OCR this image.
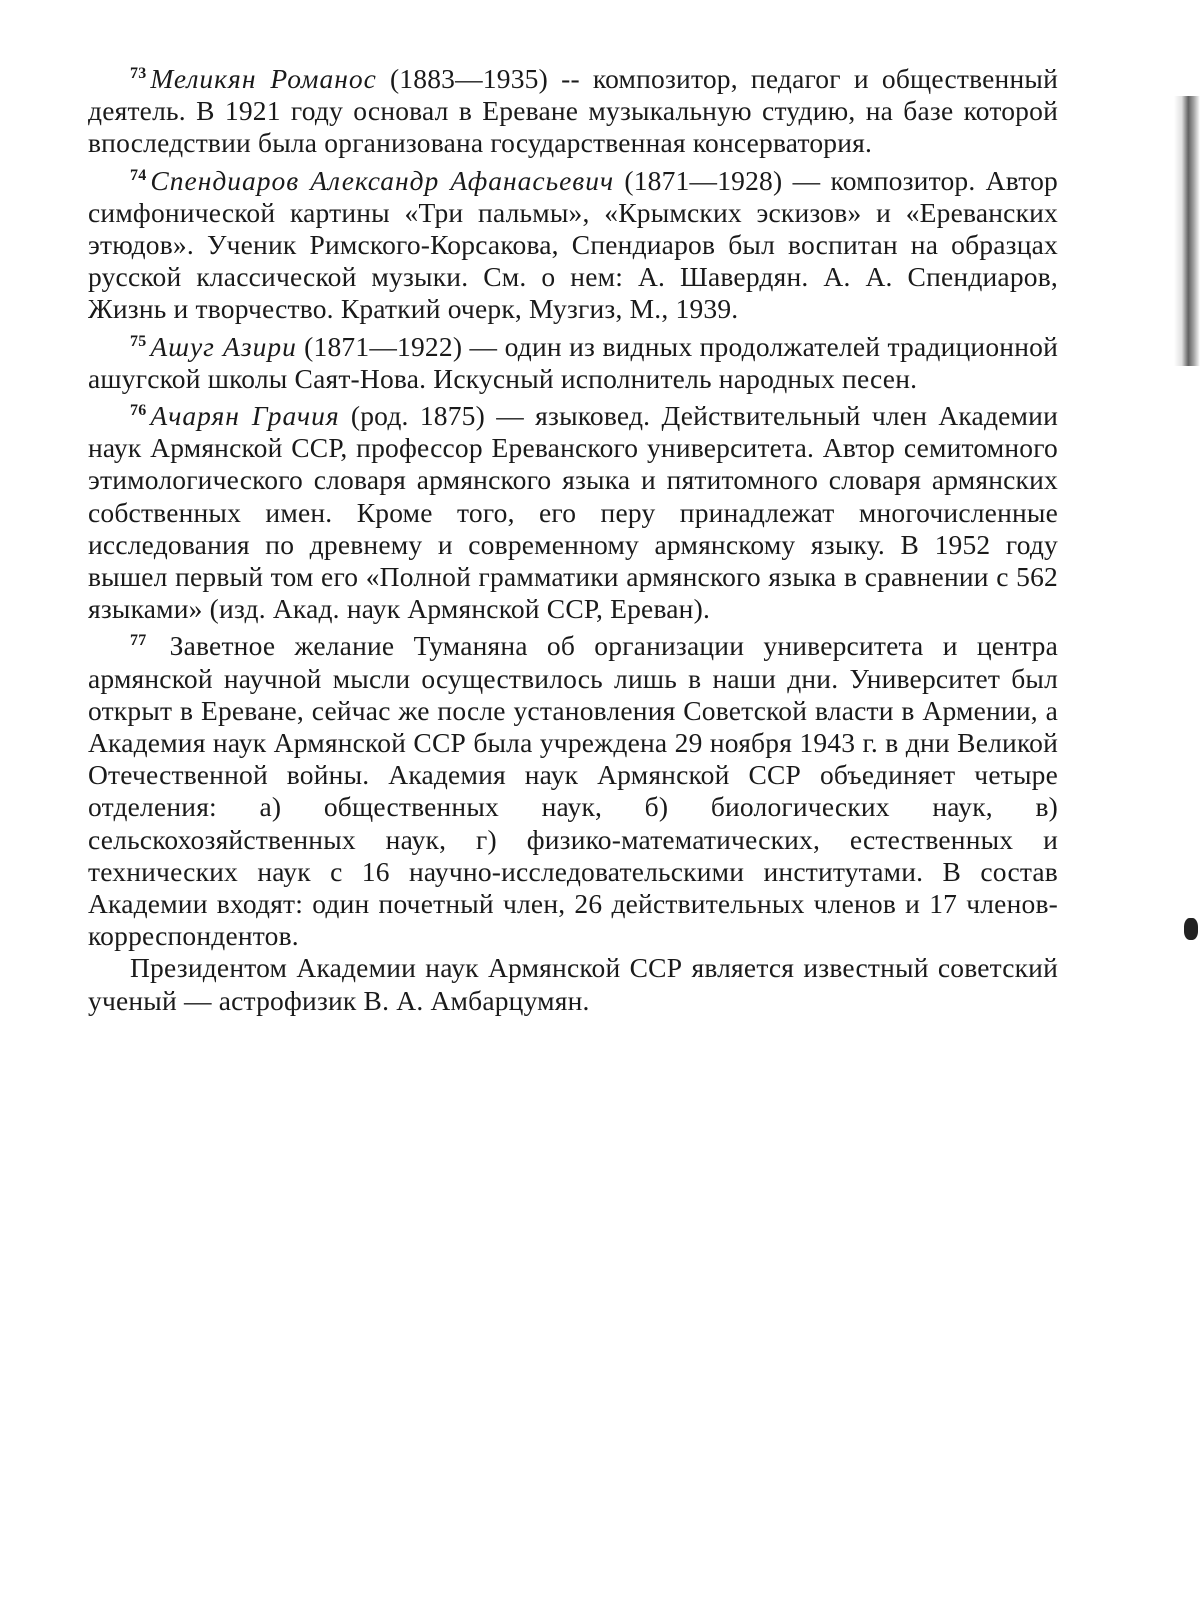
$^{73}$ Меликян Романос (1883—1935) -- композитор, педагог и общественный деятель. В 1921 году основал в Ереване музыкальную студию, на базе которой впоследствии была организована государственная консерватория.

$^{74}$ Спендиаров Александр Афанасьевич (1871—1928) — композитор. Автор симфонической картины «Три пальмы», «Крымских эскизов» и «Ереванских этюдов». Ученик Римского-Корсакова, Спендиаров был воспитан на образцах русской классической музыки. См. о нем: А. Шавердян. А. А. Спендиаров, Жизнь и творчество. Краткий очерк, Музгиз, М., 1939.

$^{75}$ Ашуг Азири (1871—1922) — один из видных продолжателей традиционной ашугской школы Саят-Нова. Искусный исполнитель народных песен.

$^{76}$ Ачарян Грачия (род. 1875) — языковед. Действительный член Академии наук Армянской ССР, профессор Ереванского университета. Автор семитомного этимологического словаря армянского языка и пятитомного словаря армянских собственных имен. Кроме того, его перу принадлежат многочисленные исследования по древнему и современному армянскому языку. В 1952 году вышел первый том его «Полной грамматики армянского языка в сравнении с 562 языками» (изд. Акад. наук Армянской ССР, Ереван).

$^{77}$ Заветное желание Туманяна об организации университета и центра армянской научной мысли осуществилось лишь в наши дни. Университет был открыт в Ереване, сейчас же после установления Советской власти в Армении, а Академия наук Армянской ССР была учреждена 29 ноября 1943 г. в дни Великой Отечественной войны. Академия наук Армянской ССР объединяет четыре отделения: а) общественных наук, б) биологических наук, в) сельскохозяйственных наук, г) физико-математических, естественных и технических наук с 16 научно-исследовательскими институтами. В состав Академии входят: один почетный член, 26 действительных членов и 17 членов-корреспондентов.

Президентом Академии наук Армянской ССР является известный советский ученый — астрофизик В. А. Амбарцумян.
